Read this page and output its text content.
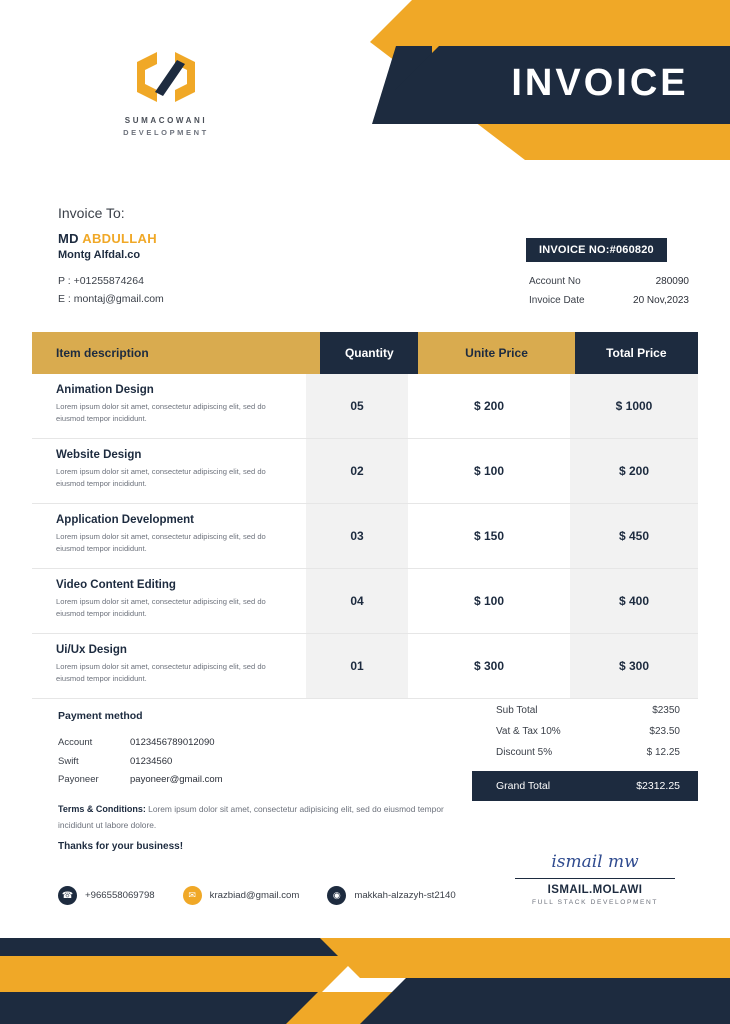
INVOICE
SUMACOWANI
DEVELOPMENT
Invoice To:
MD ABDULLAH
Montg Alfdal.co
P : +01255874264
E : montaj@gmail.com
INVOICE NO:#060820
Account No	280090
Invoice Date	20 Nov,2023
Item description	Quantity	Unite Price	Total Price
Animation Design
Lorem ipsum dolor sit amet, consectetur adipiscing elit, sed do eiusmod tempor incididunt.
05	$ 200	$ 1000
Website Design
Lorem ipsum dolor sit amet, consectetur adipiscing elit, sed do eiusmod tempor incididunt.
02	$ 100	$ 200
Application Development
Lorem ipsum dolor sit amet, consectetur adipiscing elit, sed do eiusmod tempor incididunt.
03	$ 150	$ 450
Video Content Editing
Lorem ipsum dolor sit amet, consectetur adipiscing elit, sed do eiusmod tempor incididunt.
04	$ 100	$ 400
Ui/Ux Design
Lorem ipsum dolor sit amet, consectetur adipiscing elit, sed do eiusmod tempor incididunt.
01	$ 300	$ 300
Payment method
Account	0123456789012090
Swift	01234560
Payoneer	payoneer@gmail.com
Sub Total	$2350
Vat & Tax 10%	$23.50
Discount 5%	$ 12.25
Grand Total	$2312.25
Terms & Conditions: Lorem ipsum dolor sit amet, consectetur adipisicing elit, sed do eiusmod tempor incididunt ut labore dolore.
Thanks for your business!
☎	+966558069798	✉	krazbiad@gmail.com	◉	makkah-alzazyh-st2140
ismail mw
ISMAIL.MOLAWI
FULL STACK DEVELOPMENT
